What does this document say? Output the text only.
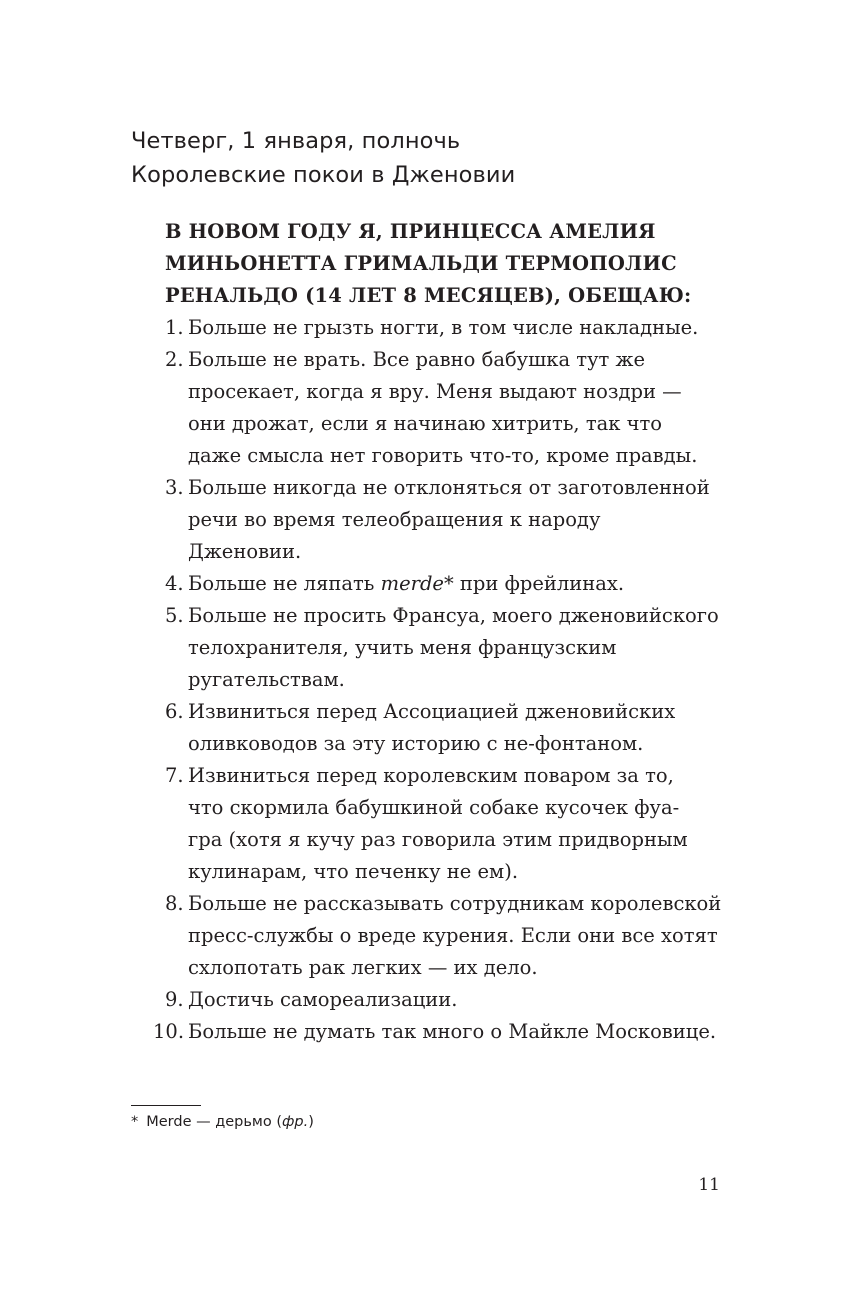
Четверг, 1 января, полночь
Королевские покои в Дженовии

В НОВОМ ГОДУ Я, ПРИНЦЕССА АМЕЛИЯ
МИНЬОНЕТТА ГРИМАЛЬДИ ТЕРМОПОЛИС
РЕНАЛЬДО (14 ЛЕТ 8 МЕСЯЦЕВ), ОБЕЩАЮ:

1. Больше не грызть ногти, в том числе накладные.
2. Больше не врать. Все равно бабушка тут же
просекает, когда я вру. Меня выдают ноздри —
они дрожат, если я начинаю хитрить, так что
даже смысла нет говорить что-то, кроме правды.
3. Больше никогда не отклоняться от заготовленной
речи во время телеобращения к народу
Дженовии.
4. Больше не ляпать merde* при фрейлинах.
5. Больше не просить Франсуа, моего дженовийского
телохранителя, учить меня французским
ругательствам.
6. Извиниться перед Ассоциацией дженовийских
оливководов за эту историю с не-фонтаном.
7. Извиниться перед королевским поваром за то,
что скормила бабушкиной собаке кусочек фуа-
гра (хотя я кучу раз говорила этим придворным
кулинарам, что печенку не ем).
8. Больше не рассказывать сотрудникам королевской
пресс-службы о вреде курения. Если они все хотят
схлопотать рак легких — их дело.
9. Достичь самореализации.
10. Больше не думать так много о Майкле Московице.
* Merde — дерьмо (фр.)
11
